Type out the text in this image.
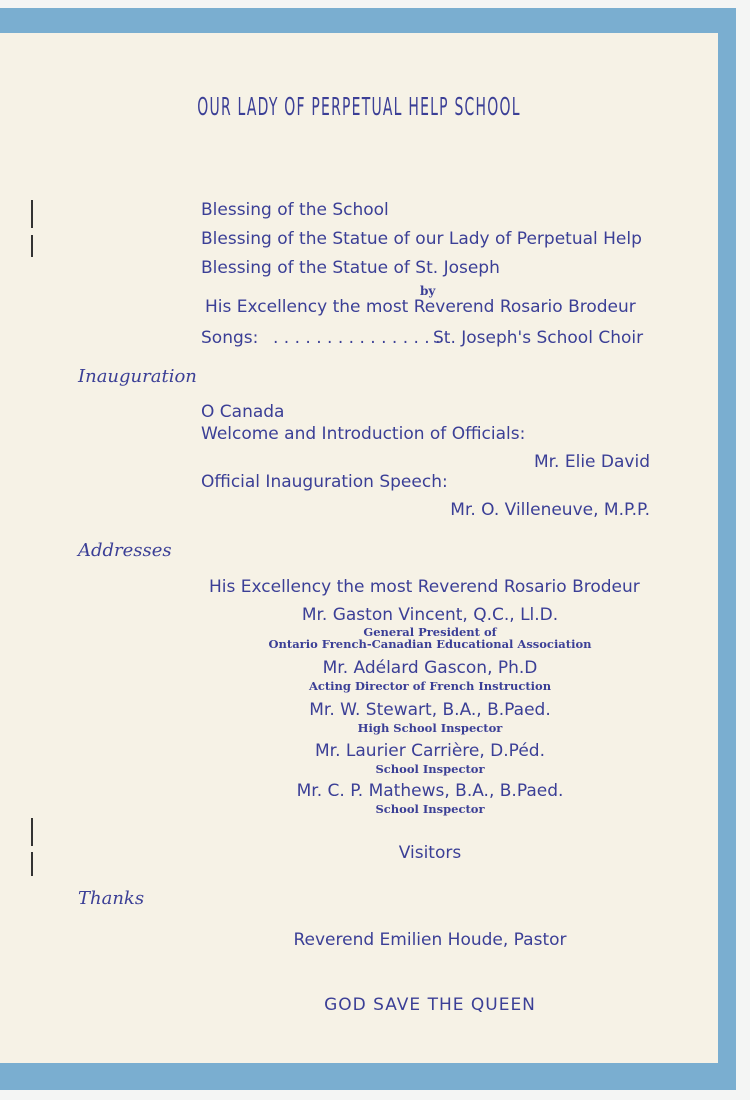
OUR LADY OF PERPETUAL HELP SCHOOL
Blessing of the School
Blessing of the Statue of our Lady of Perpetual Help
Blessing of the Statue of St. Joseph
by
His Excellency the most Reverend Rosario Brodeur
Songs: . . . . . . . . . . . . . . . .
St. Joseph's School Choir
Inauguration
O Canada
Welcome and Introduction of Officials:
Mr. Elie David
Official Inauguration Speech:
Mr. O. Villeneuve, M.P.P.
Addresses
His Excellency the most Reverend Rosario Brodeur
Mr. Gaston Vincent, Q.C., Ll.D.
General President of
Ontario French-Canadian Educational Association
Mr. Adélard Gascon, Ph.D
Acting Director of French Instruction
Mr. W. Stewart, B.A., B.Paed.
High School Inspector
Mr. Laurier Carrière, D.Péd.
School Inspector
Mr. C. P. Mathews, B.A., B.Paed.
School Inspector
Visitors
Thanks
Reverend Emilien Houde, Pastor
GOD SAVE THE QUEEN
